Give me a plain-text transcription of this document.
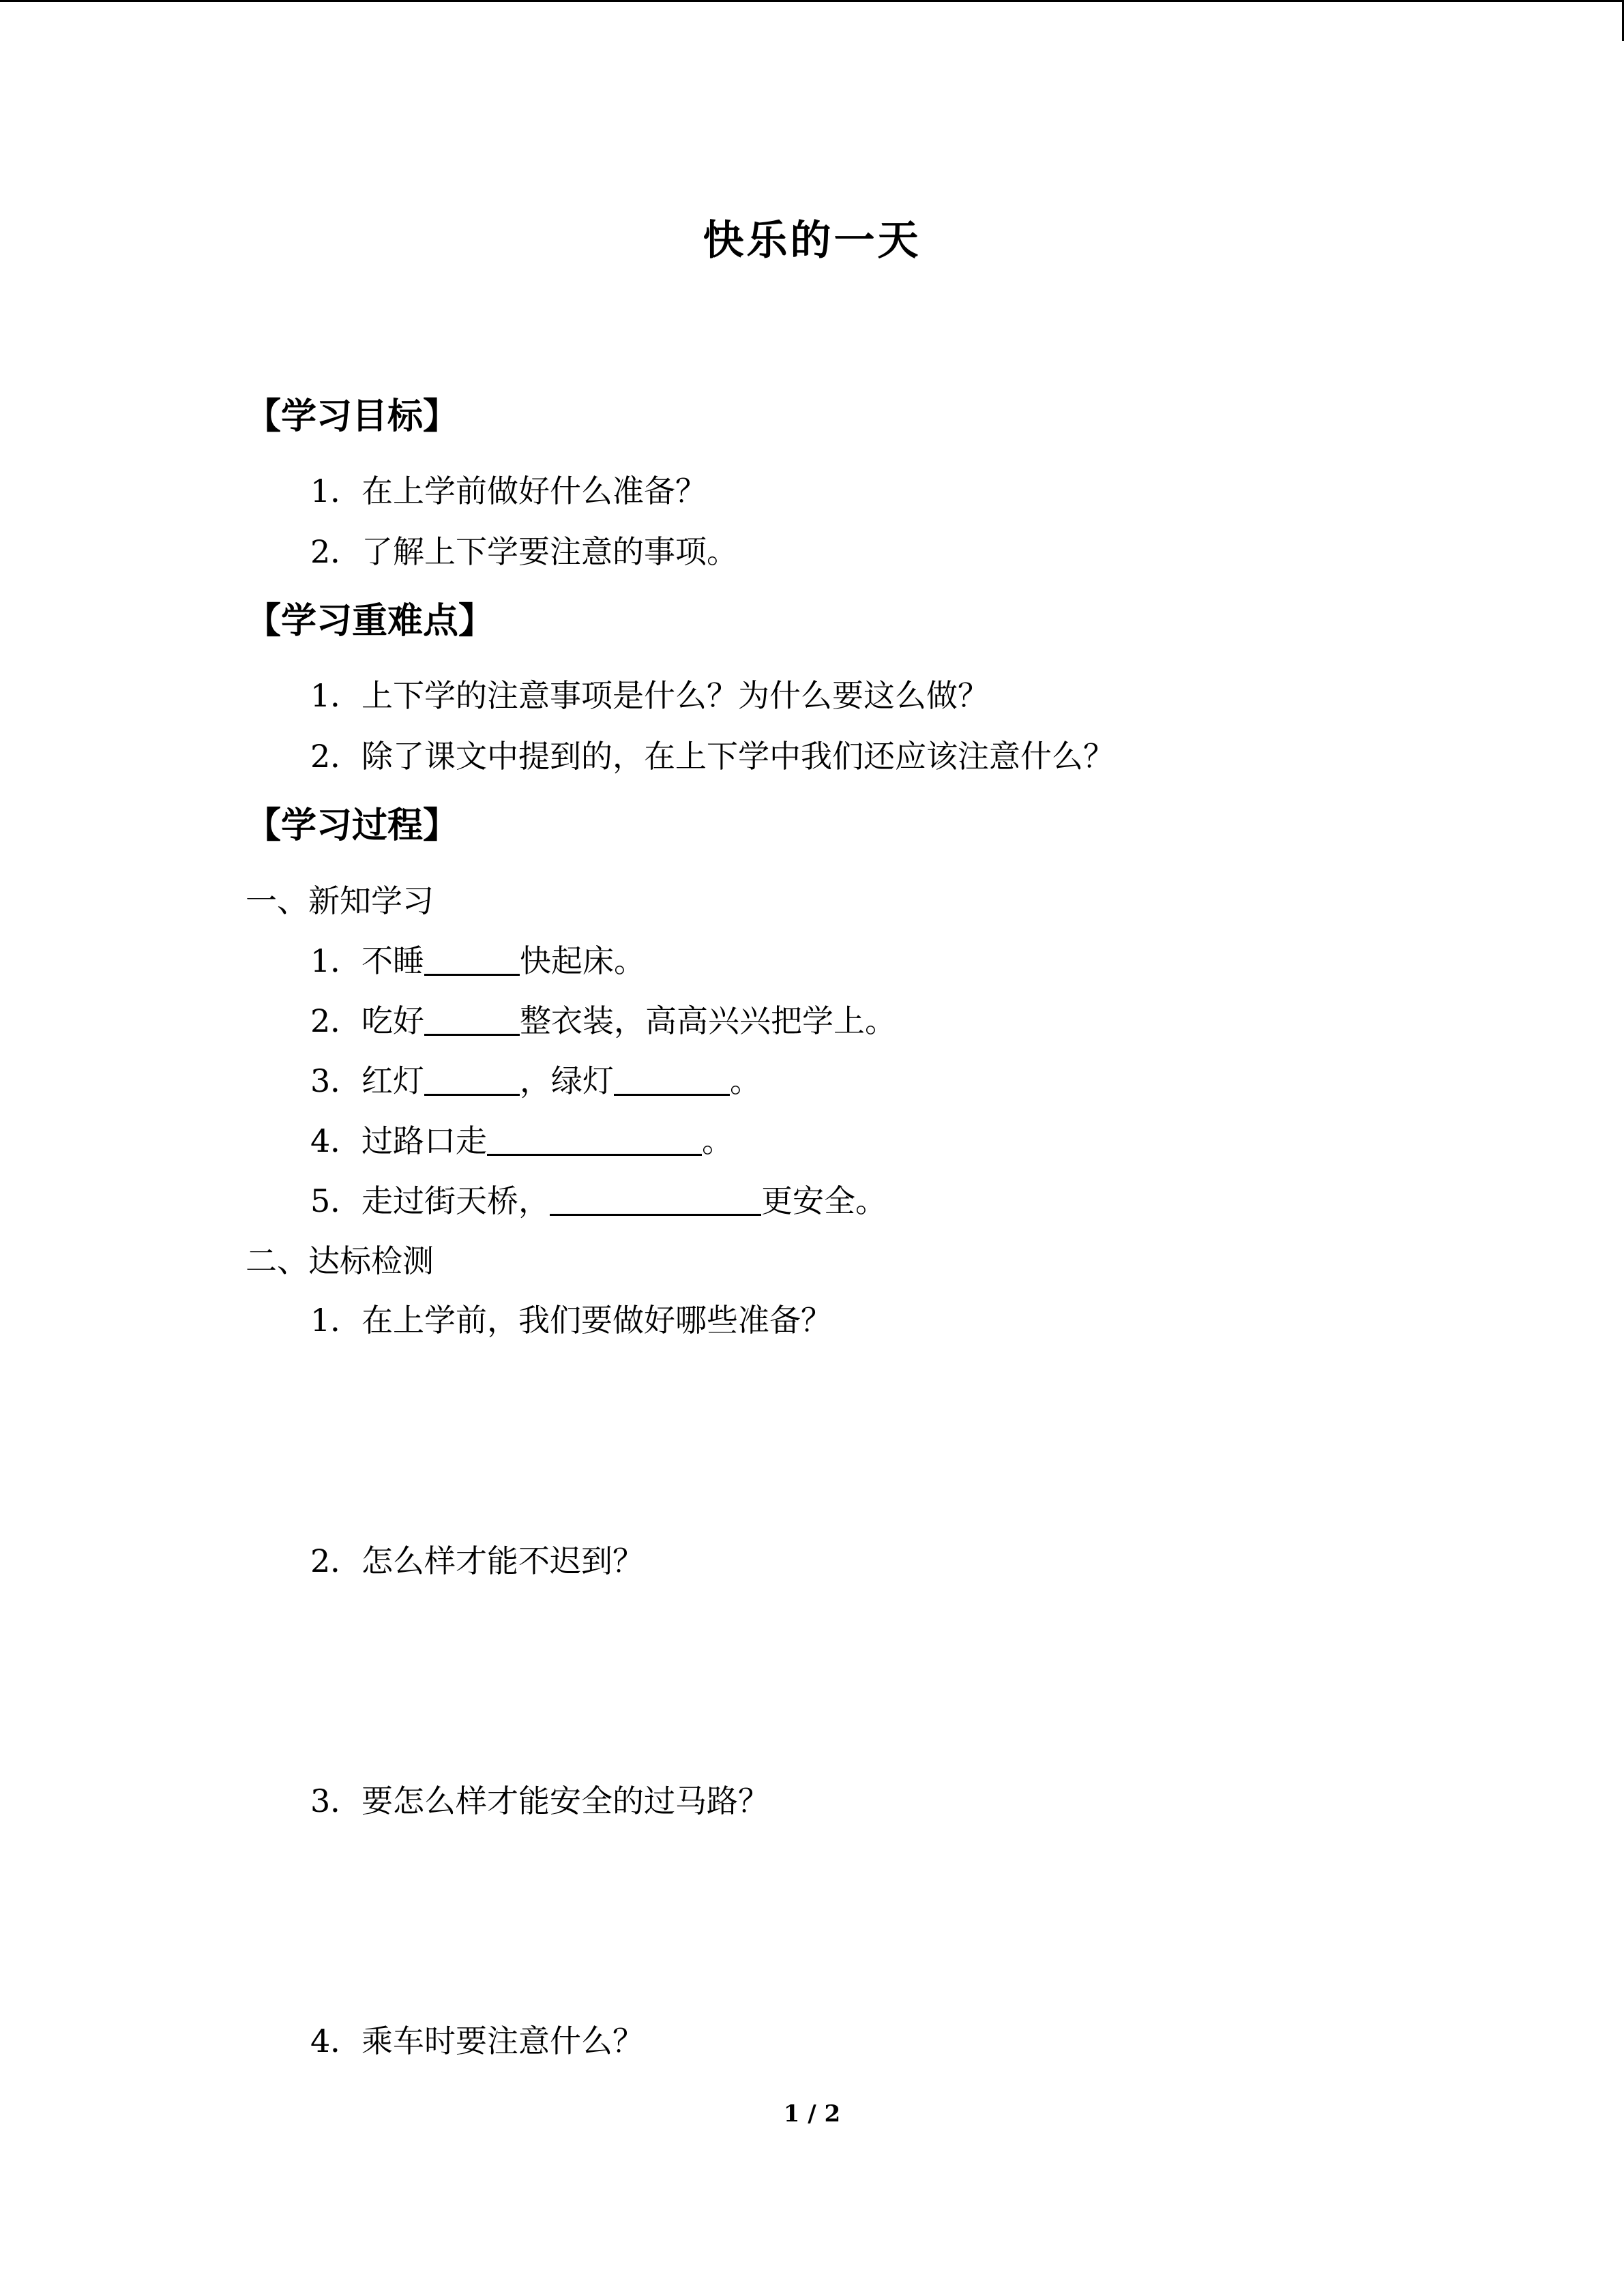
快乐的一天
【学习目标】
1．在上学前做好什么准备？
2．了解上下学要注意的事项。
【学习重难点】
1．上下学的注意事项是什么？为什么要这么做？
2．除了课文中提到的，在上下学中我们还应该注意什么？
【学习过程】
一、新知学习
1．不睡	快起床。
2．吃好	整衣装，高高兴兴把学上。
3．红灯	，绿灯	。
4．过路口走	。
5．走过街天桥，	更安全。
二、达标检测
1．在上学前，我们要做好哪些准备？
2．怎么样才能不迟到？
3．要怎么样才能安全的过马路？
4．乘车时要注意什么？
1 / 2
